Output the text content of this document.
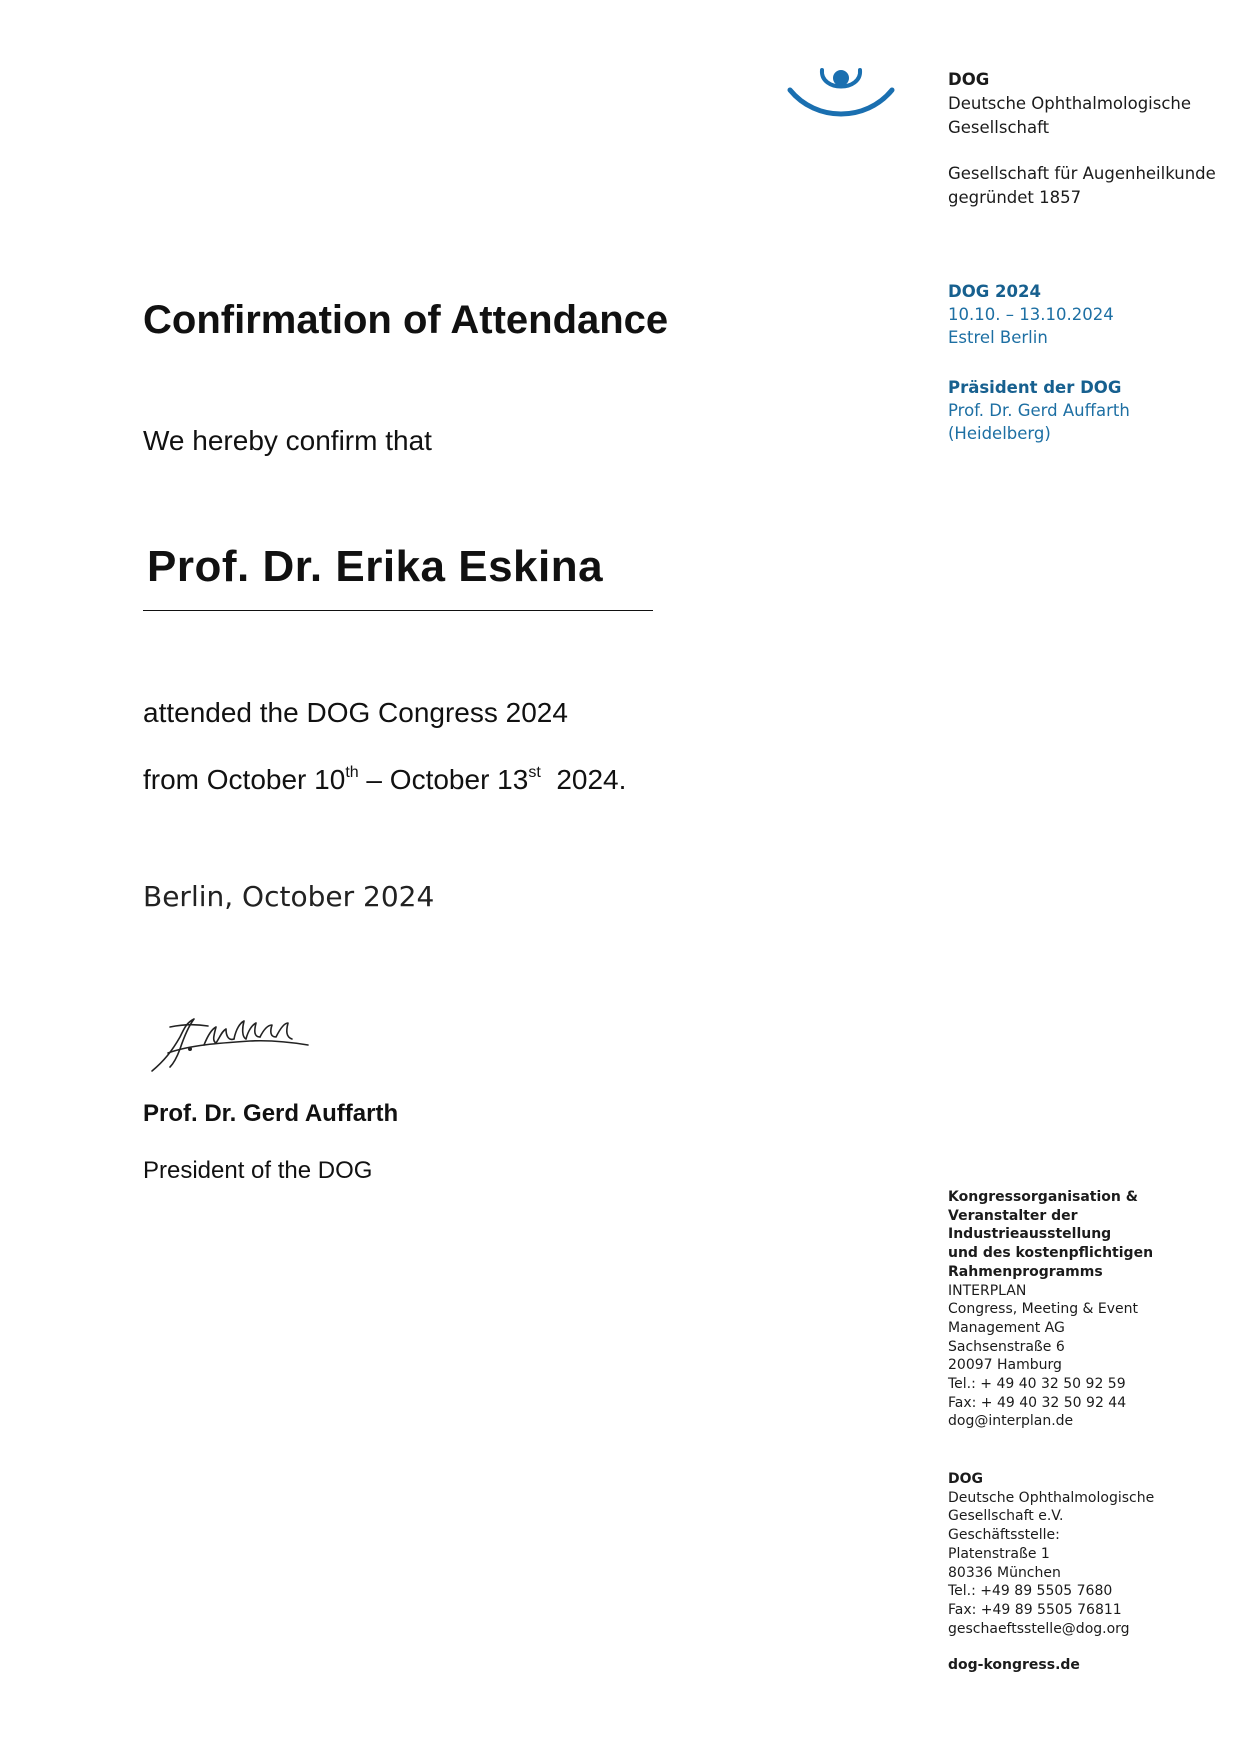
DOG
Deutsche Ophthalmologische
Gesellschaft
Gesellschaft für Augenheilkunde
gegründet 1857
DOG 2024
10.10. – 13.10.2024
Estrel Berlin
Präsident der DOG
Prof. Dr. Gerd Auffarth
(Heidelberg)
Confirmation of Attendance
We hereby confirm that
Prof. Dr. Erika Eskina
attended the DOG Congress 2024
from October 10th – October 13st  2024.
Berlin, October 2024
Prof. Dr. Gerd Auffarth
President of the DOG
Kongressorganisation &
Veranstalter der
Industrieausstellung
und des kostenpflichtigen
Rahmenprogramms
INTERPLAN
Congress, Meeting & Event
Management AG
Sachsenstraße 6
20097 Hamburg
Tel.: + 49 40 32 50 92 59
Fax: + 49 40 32 50 92 44
dog@interplan.de
DOG
Deutsche Ophthalmologische
Gesellschaft e.V.
Geschäftsstelle:
Platenstraße 1
80336 München
Tel.: +49 89 5505 7680
Fax: +49 89 5505 76811
geschaeftsstelle@dog.org
dog-kongress.de
